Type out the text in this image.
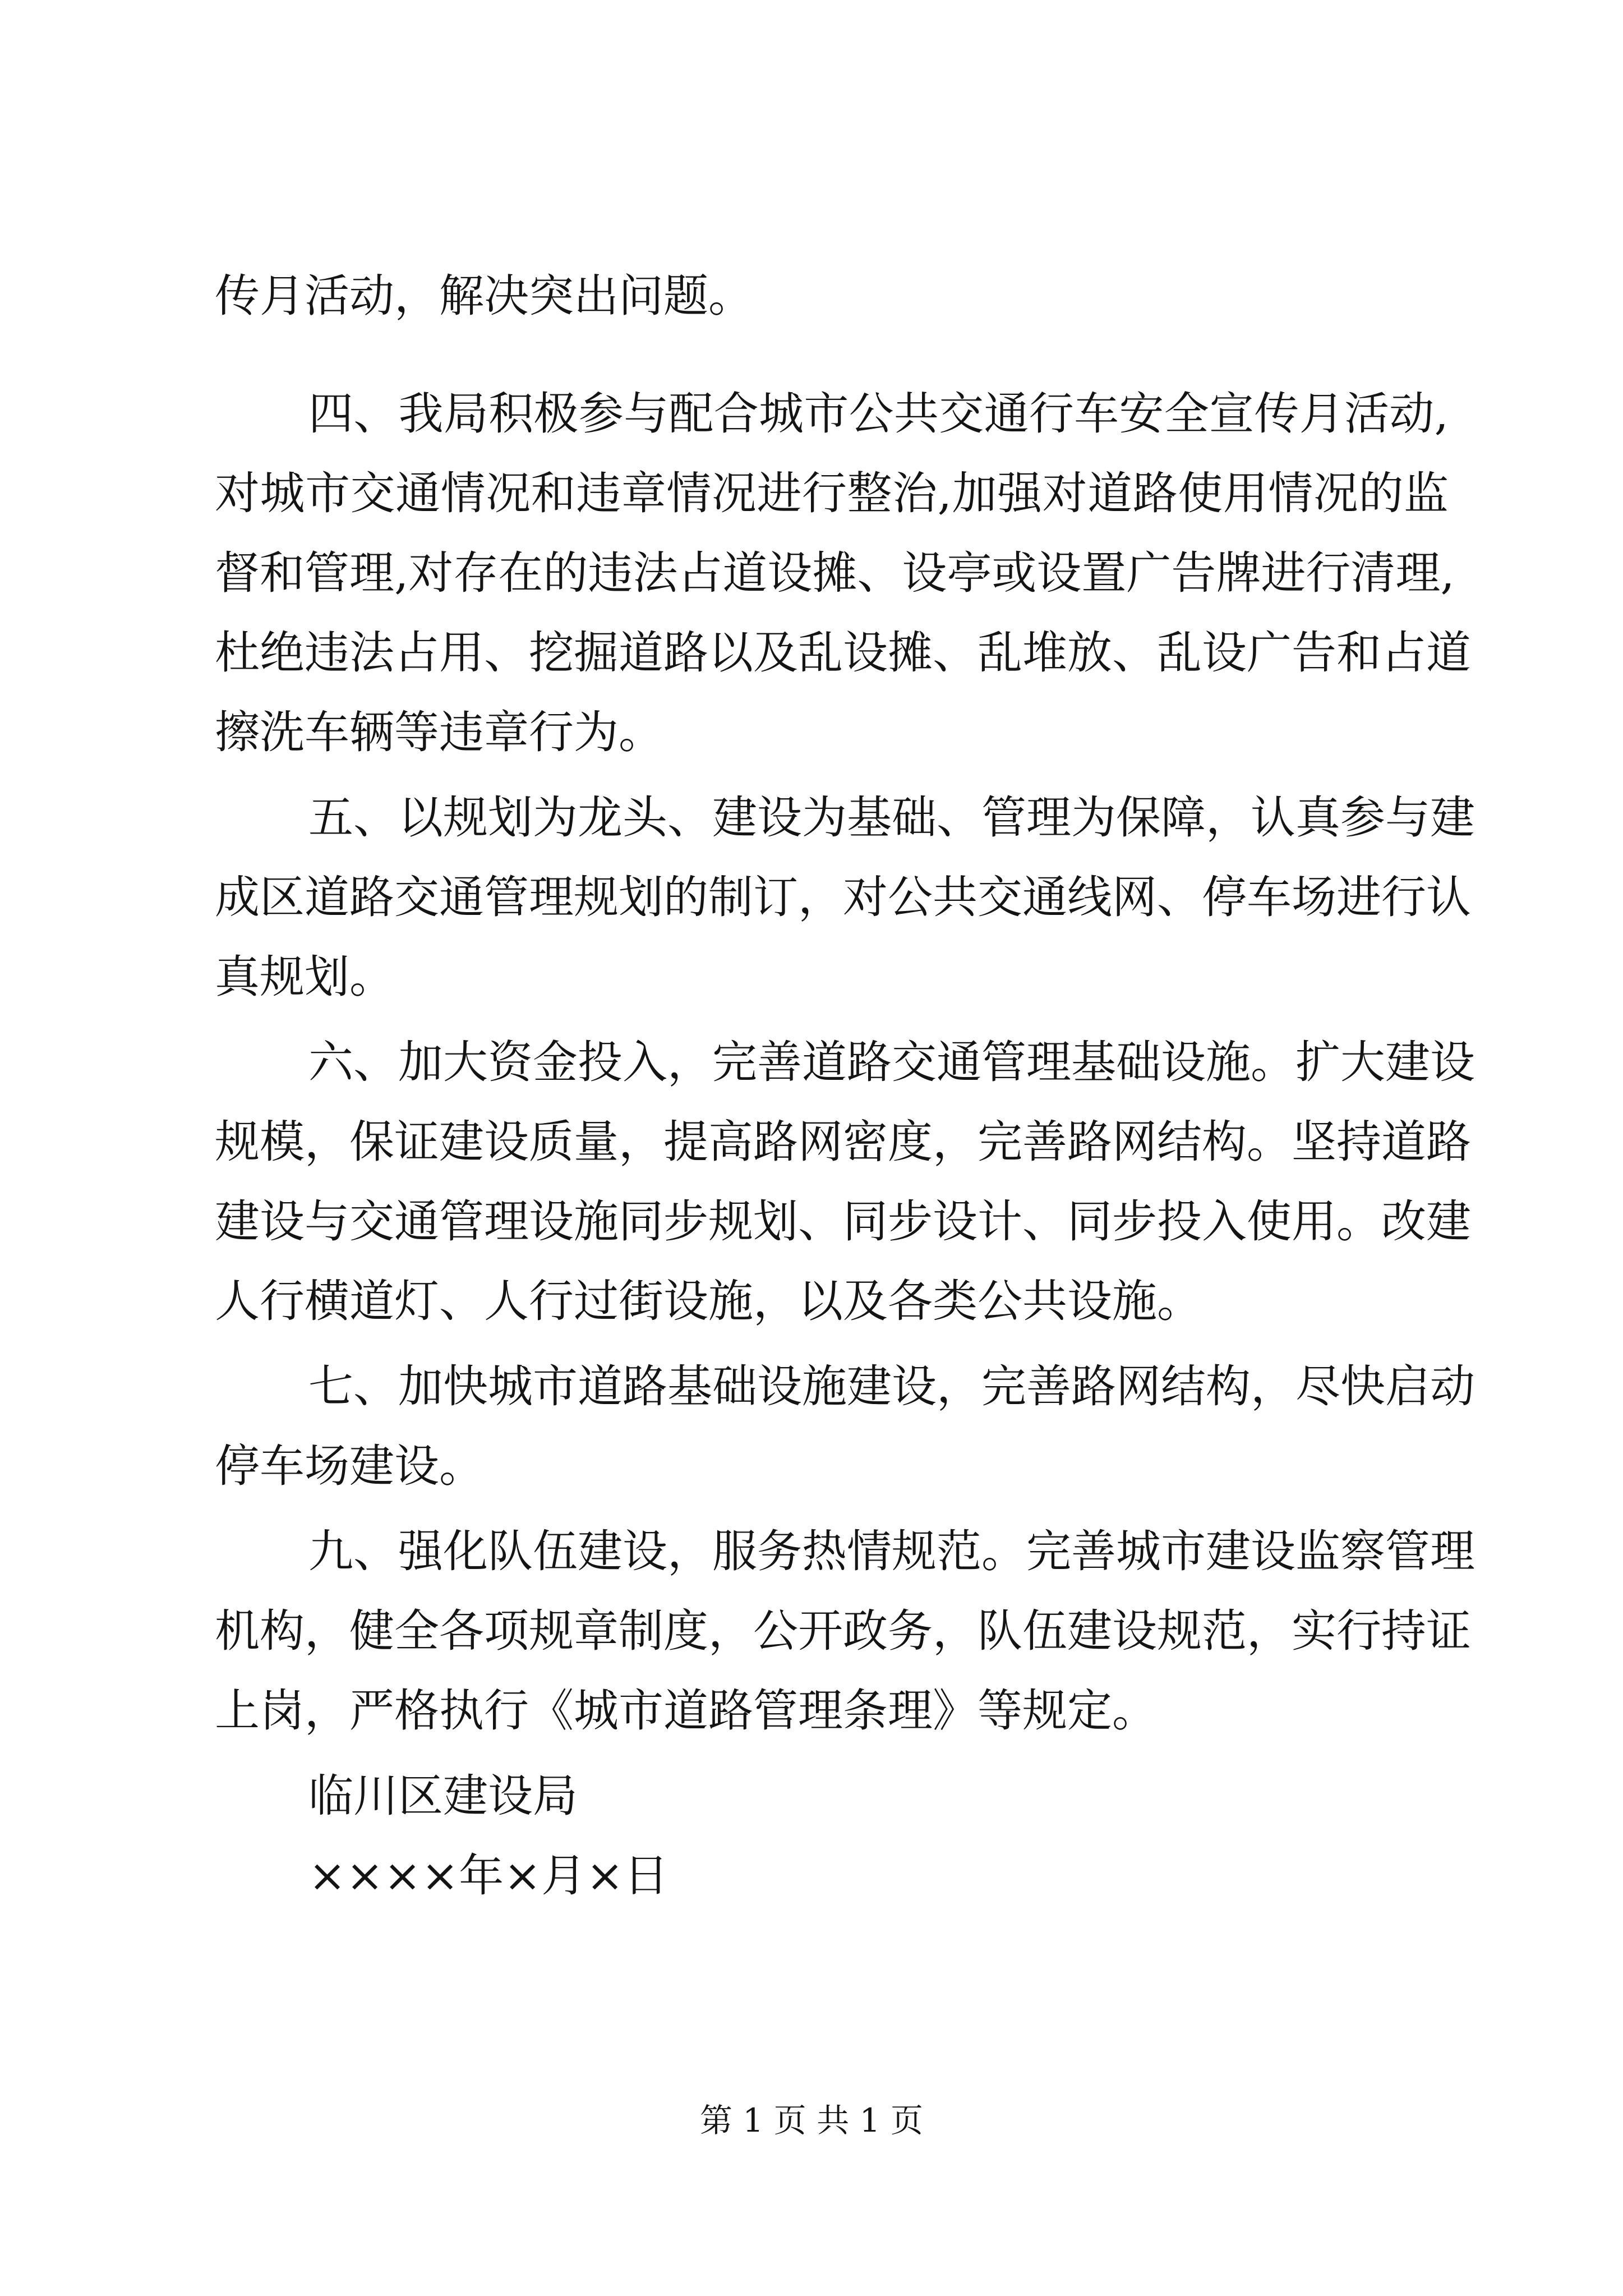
传月活动，解决突出问题。

四、我局积极参与配合城市公共交通行车安全宣传月活动,

对城市交通情况和违章情况进行整治,加强对道路使用情况的监

督和管理,对存在的违法占道设摊、设亭或设置广告牌进行清理,

杜绝违法占用、挖掘道路以及乱设摊、乱堆放、乱设广告和占道

擦洗车辆等违章行为。

五、以规划为龙头、建设为基础、管理为保障，认真参与建

成区道路交通管理规划的制订，对公共交通线网、停车场进行认

真规划。

六、加大资金投入，完善道路交通管理基础设施。扩大建设

规模，保证建设质量，提高路网密度，完善路网结构。坚持道路

建设与交通管理设施同步规划、同步设计、同步投入使用。改建

人行横道灯、人行过街设施，以及各类公共设施。

七、加快城市道路基础设施建设，完善路网结构，尽快启动

停车场建设。

九、强化队伍建设，服务热情规范。完善城市建设监察管理

机构，健全各项规章制度，公开政务，队伍建设规范，实行持证

上岗，严格执行《城市道路管理条理》等规定。

临川区建设局

××××年×月×日

第 1 页 共 1 页
